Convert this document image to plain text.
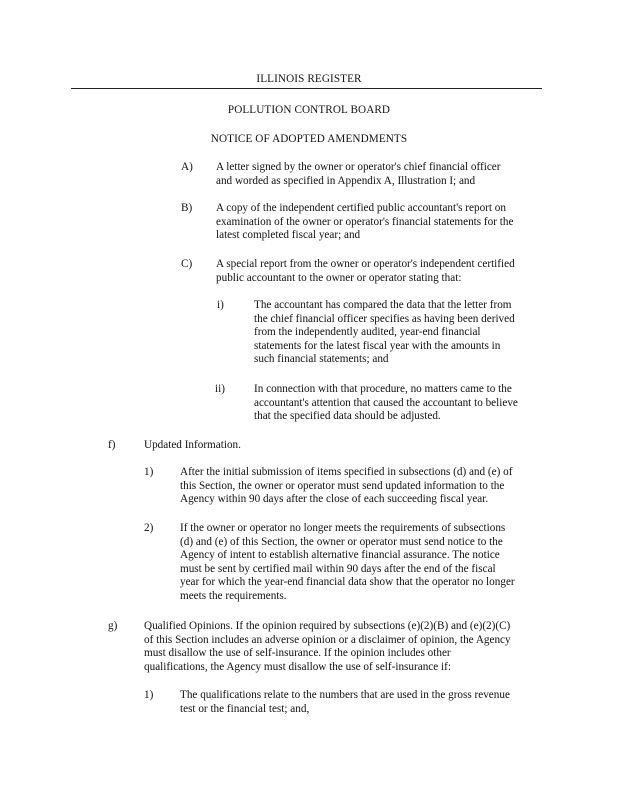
ILLINOIS REGISTER
POLLUTION CONTROL BOARD
NOTICE OF ADOPTED AMENDMENTS
A) A letter signed by the owner or operator's chief financial officer
and worded as specified in Appendix A, Illustration I; and
B) A copy of the independent certified public accountant's report on
examination of the owner or operator's financial statements for the
latest completed fiscal year; and
C) A special report from the owner or operator's independent certified
public accountant to the owner or operator stating that:
i)	The accountant has compared the data that the letter from
the chief financial officer specifies as having been derived
from the independently audited, year-end financial
statements for the latest fiscal year with the amounts in
such financial statements; and
ii)	In connection with that procedure, no matters came to the
accountant's attention that caused the accountant to believe
that the specified data should be adjusted.
f)	Updated Information.
1) After the initial submission of items specified in subsections (d) and (e) of
this Section, the owner or operator must send updated information to the
Agency within 90 days after the close of each succeeding fiscal year.
2) If the owner or operator no longer meets the requirements of subsections
(d) and (e) of this Section, the owner or operator must send notice to the
Agency of intent to establish alternative financial assurance. The notice
must be sent by certified mail within 90 days after the end of the fiscal
year for which the year-end financial data show that the operator no longer
meets the requirements.
g) Qualified Opinions. If the opinion required by subsections (e)(2)(B) and (e)(2)(C)
of this Section includes an adverse opinion or a disclaimer of opinion, the Agency
must disallow the use of self-insurance. If the opinion includes other
qualifications, the Agency must disallow the use of self-insurance if:
1) The qualifications relate to the numbers that are used in the gross revenue
test or the financial test; and,
